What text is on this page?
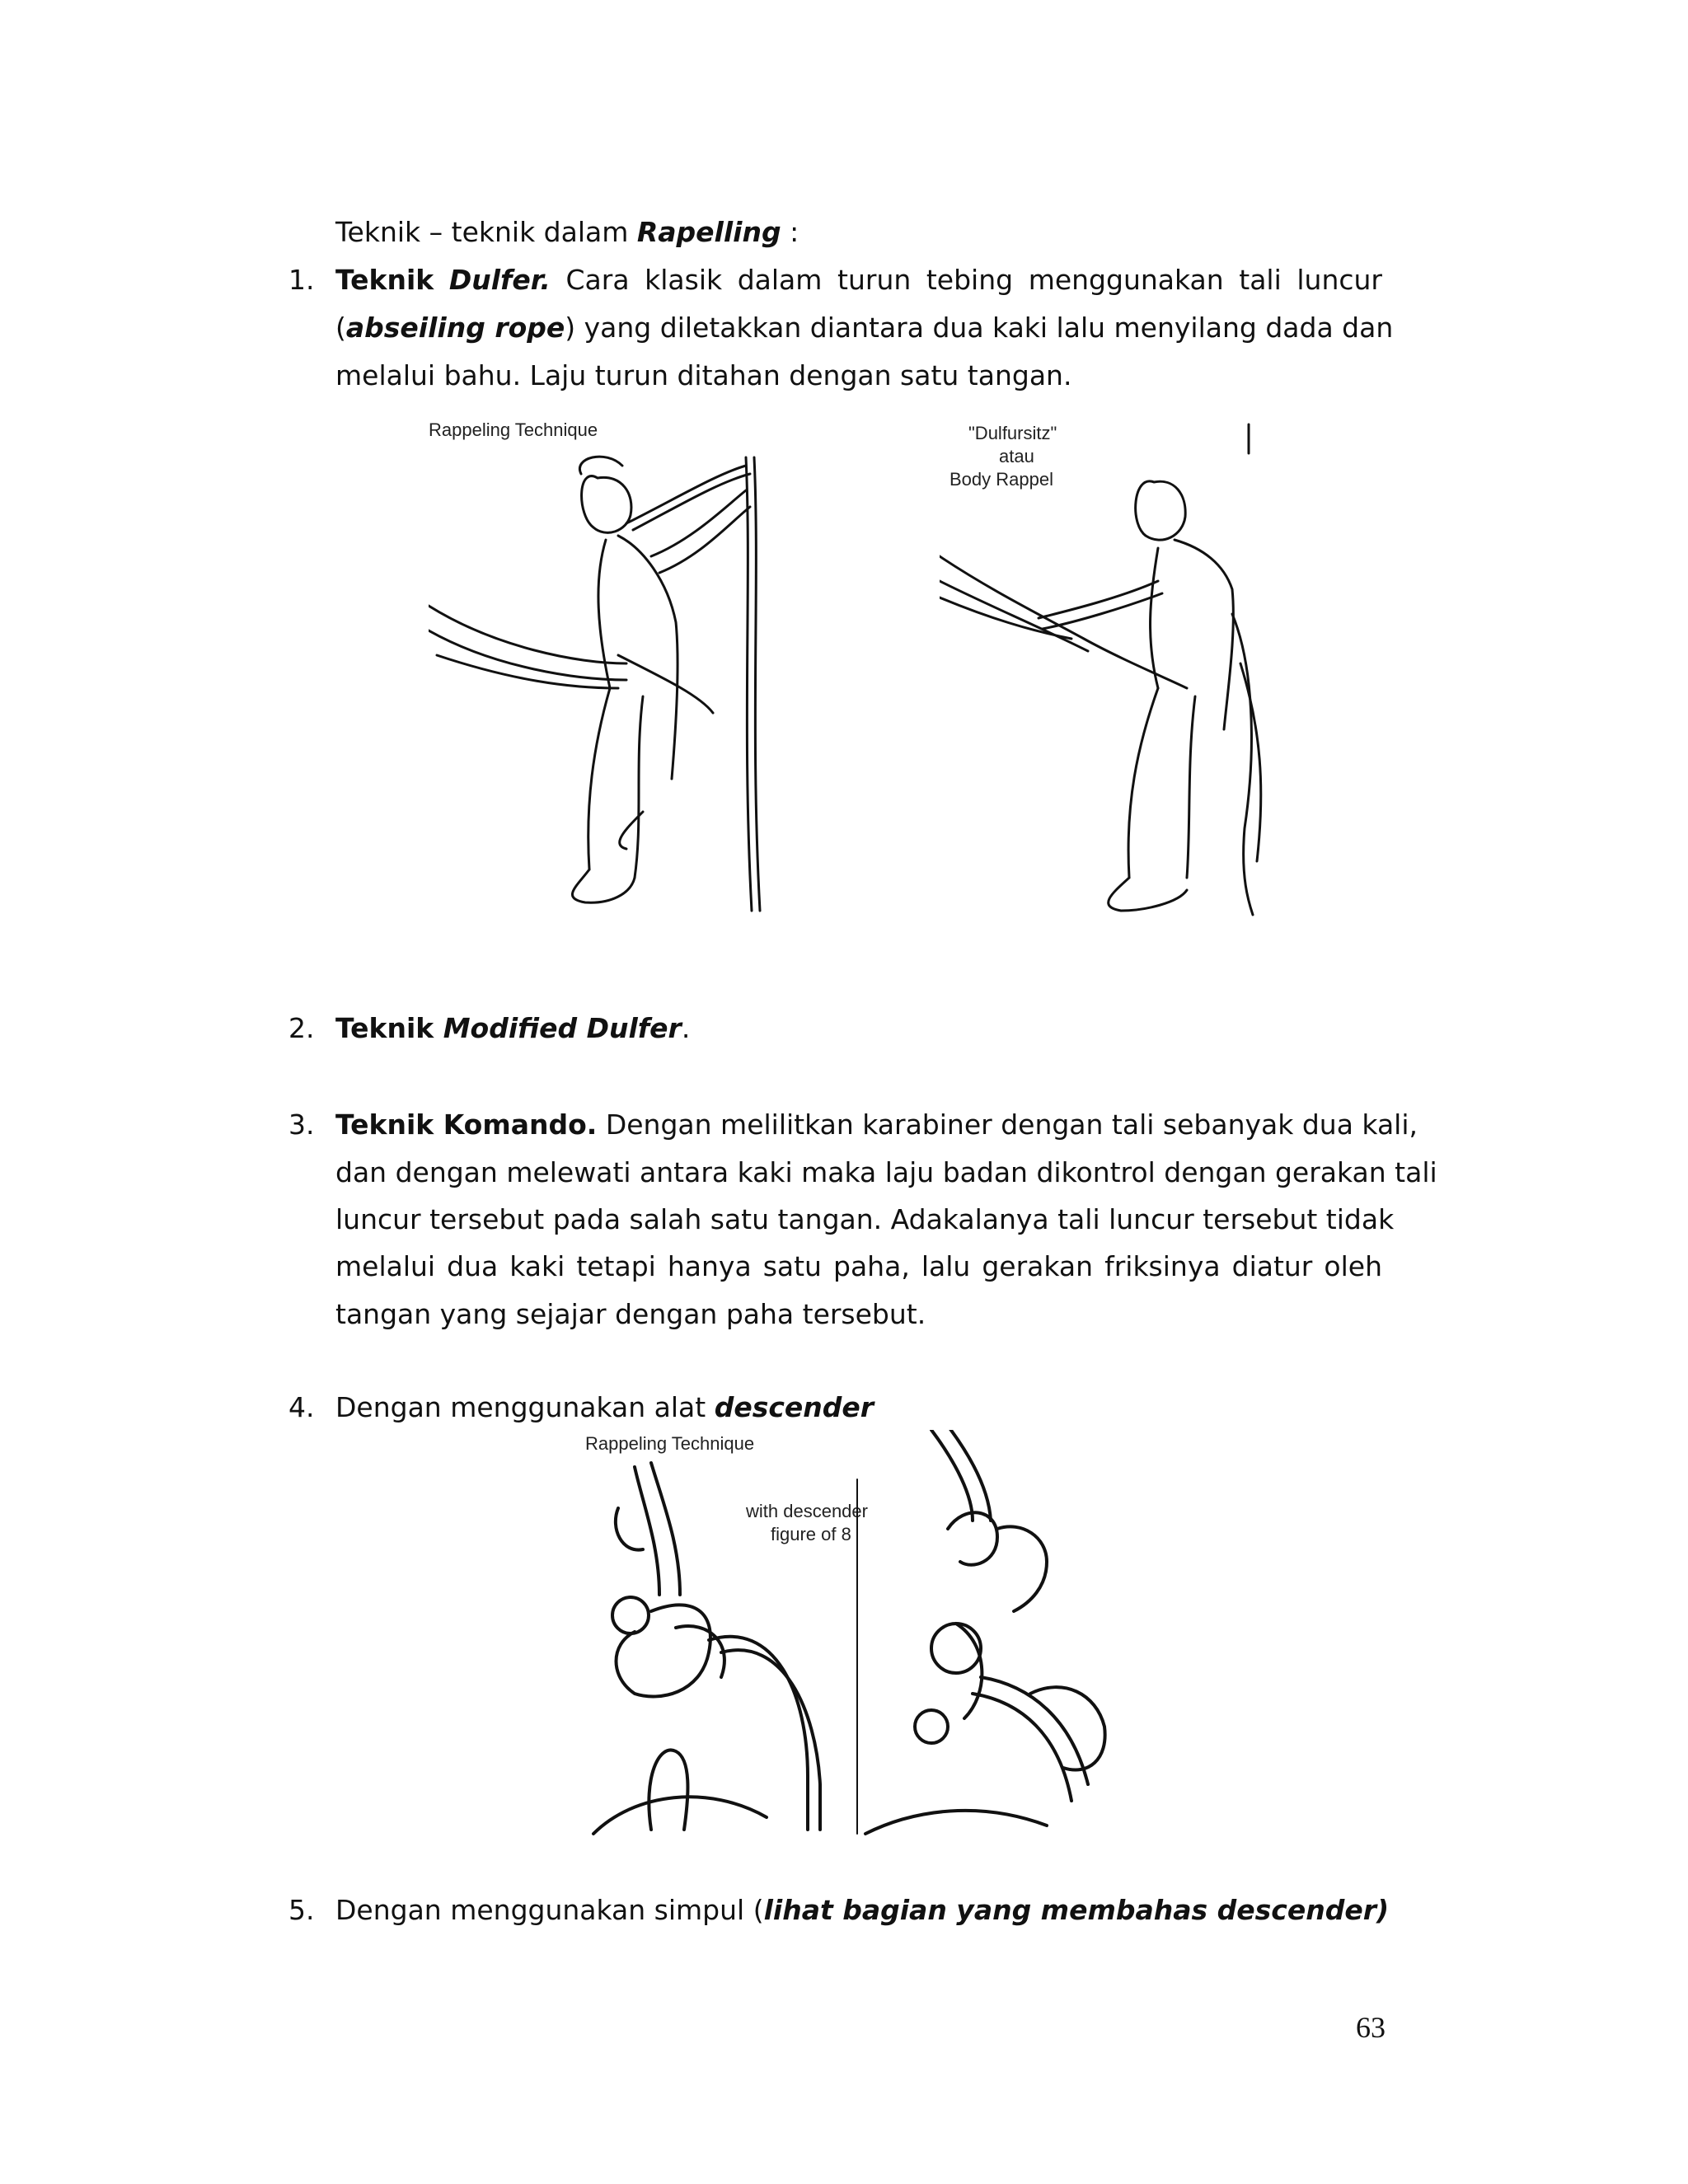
Teknik – teknik dalam Rapelling :
1. Teknik Dulfer. Cara klasik dalam turun tebing menggunakan tali luncur
(abseiling rope) yang diletakkan diantara dua kaki lalu menyilang dada dan
melalui bahu. Laju turun ditahan dengan satu tangan.
Rappeling Technique	"Dulfursitz"
atau
Body Rappel
2. Teknik Modified Dulfer.
3. Teknik Komando. Dengan melilitkan karabiner dengan tali sebanyak dua kali,
dan dengan melewati antara kaki maka laju badan dikontrol dengan gerakan tali
luncur tersebut pada salah satu tangan. Adakalanya tali luncur tersebut tidak
melalui dua kaki tetapi hanya satu paha, lalu gerakan friksinya diatur oleh
tangan yang sejajar dengan paha tersebut.
4. Dengan menggunakan alat descender
Rappeling Technique
with descender
figure of 8
5. Dengan menggunakan simpul (lihat bagian yang membahas descender)
63
